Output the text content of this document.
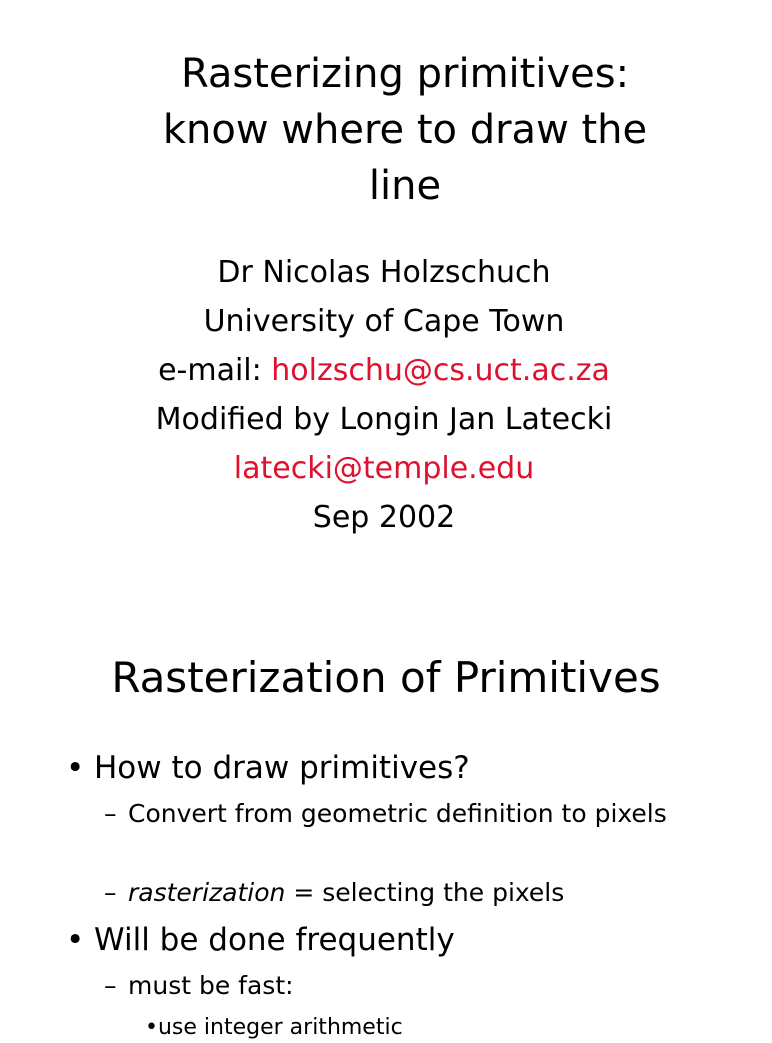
Rasterizing primitives:
know where to draw the
line
Dr Nicolas Holzschuch
University of Cape Town
e-mail: holzschu@cs.uct.ac.za
Modified by Longin Jan Latecki
latecki@temple.edu
Sep 2002
Rasterization of Primitives
• How to draw primitives?
– Convert from geometric definition to pixels
– rasterization = selecting the pixels
• Will be done frequently
– must be fast:
•use integer arithmetic
